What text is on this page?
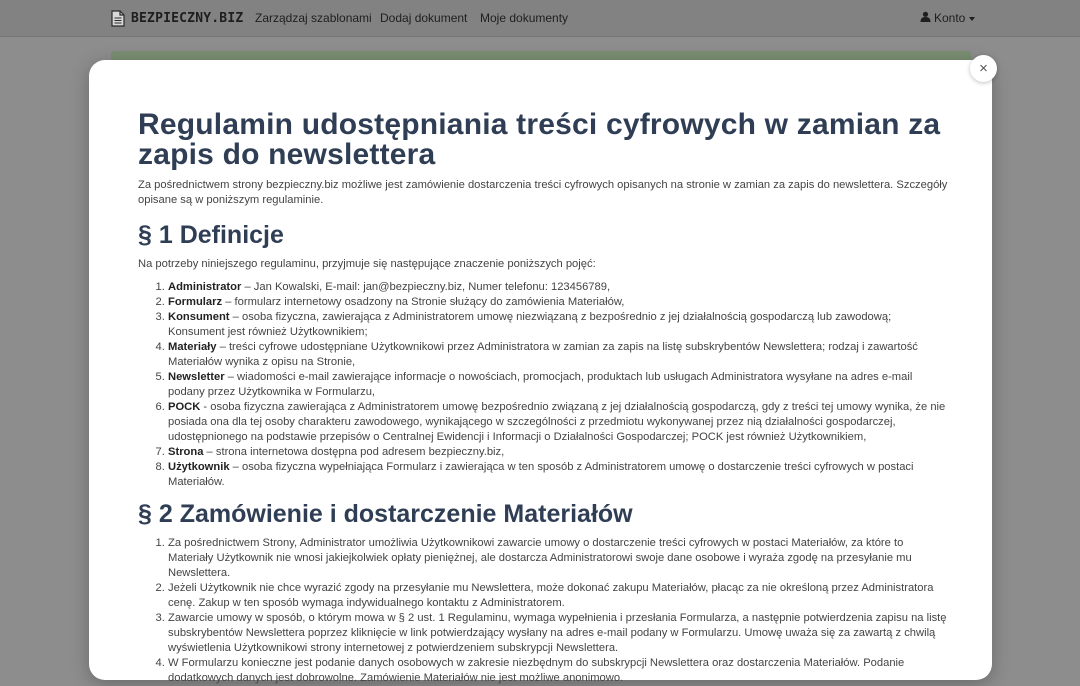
BEZPIECZNY.BIZ Zarządzaj szablonami Dodaj dokument Moje dokumenty	Konto
Regulamin udostępniania treści cyfrowych w zamian za zapis do newslettera

Za pośrednictwem strony bezpieczny.biz możliwe jest zamówienie dostarczenia treści cyfrowych opisanych na stronie w zamian za zapis do newslettera. Szczegóły opisane są w poniższym regulaminie.

§ 1 Definicje

Na potrzeby niniejszego regulaminu, przyjmuje się następujące znaczenie poniższych pojęć:

1. Administrator – Jan Kowalski, E-mail: jan@bezpieczny.biz, Numer telefonu: 123456789,
2. Formularz – formularz internetowy osadzony na Stronie służący do zamówienia Materiałów,
3. Konsument – osoba fizyczna, zawierająca z Administratorem umowę niezwiązaną z bezpośrednio z jej działalnością gospodarczą lub zawodową; Konsument jest również Użytkownikiem;
4. Materiały – treści cyfrowe udostępniane Użytkownikowi przez Administratora w zamian za zapis na listę subskrybentów Newslettera; rodzaj i zawartość Materiałów wynika z opisu na Stronie,
5. Newsletter – wiadomości e-mail zawierające informacje o nowościach, promocjach, produktach lub usługach Administratora wysyłane na adres e-mail podany przez Użytkownika w Formularzu,
6. POCK - osoba fizyczna zawierająca z Administratorem umowę bezpośrednio związaną z jej działalnością gospodarczą, gdy z treści tej umowy wynika, że nie posiada ona dla tej osoby charakteru zawodowego, wynikającego w szczególności z przedmiotu wykonywanej przez nią działalności gospodarczej, udostępnionego na podstawie przepisów o Centralnej Ewidencji i Informacji o Działalności Gospodarczej; POCK jest również Użytkownikiem,
7. Strona – strona internetowa dostępna pod adresem bezpieczny.biz,
8. Użytkownik – osoba fizyczna wypełniająca Formularz i zawierająca w ten sposób z Administratorem umowę o dostarczenie treści cyfrowych w postaci Materiałów.
§ 2 Zamówienie i dostarczenie Materiałów
1. Za pośrednictwem Strony, Administrator umożliwia Użytkownikowi zawarcie umowy o dostarczenie treści cyfrowych w postaci Materiałów, za które to Materiały Użytkownik nie wnosi jakiejkolwiek opłaty pieniężnej, ale dostarcza Administratorowi swoje dane osobowe i wyraża zgodę na przesyłanie mu Newslettera.
2. Jeżeli Użytkownik nie chce wyrazić zgody na przesyłanie mu Newslettera, może dokonać zakupu Materiałów, płacąc za nie określoną przez Administratora cenę. Zakup w ten sposób wymaga indywidualnego kontaktu z Administratorem.
3. Zawarcie umowy w sposób, o którym mowa w § 2 ust. 1 Regulaminu, wymaga wypełnienia i przesłania Formularza, a następnie potwierdzenia zapisu na listę subskrybentów Newslettera poprzez kliknięcie w link potwierdzający wysłany na adres e-mail podany w Formularzu. Umowę uważa się za zawartą z chwilą wyświetlenia Użytkownikowi strony internetowej z potwierdzeniem subskrypcji Newslettera.
4. W Formularzu konieczne jest podanie danych osobowych w zakresie niezbędnym do subskrypcji Newslettera oraz dostarczenia Materiałów. Podanie dodatkowych danych jest dobrowolne. Zamówienie Materiałów nie jest możliwe anonimowo.
×
